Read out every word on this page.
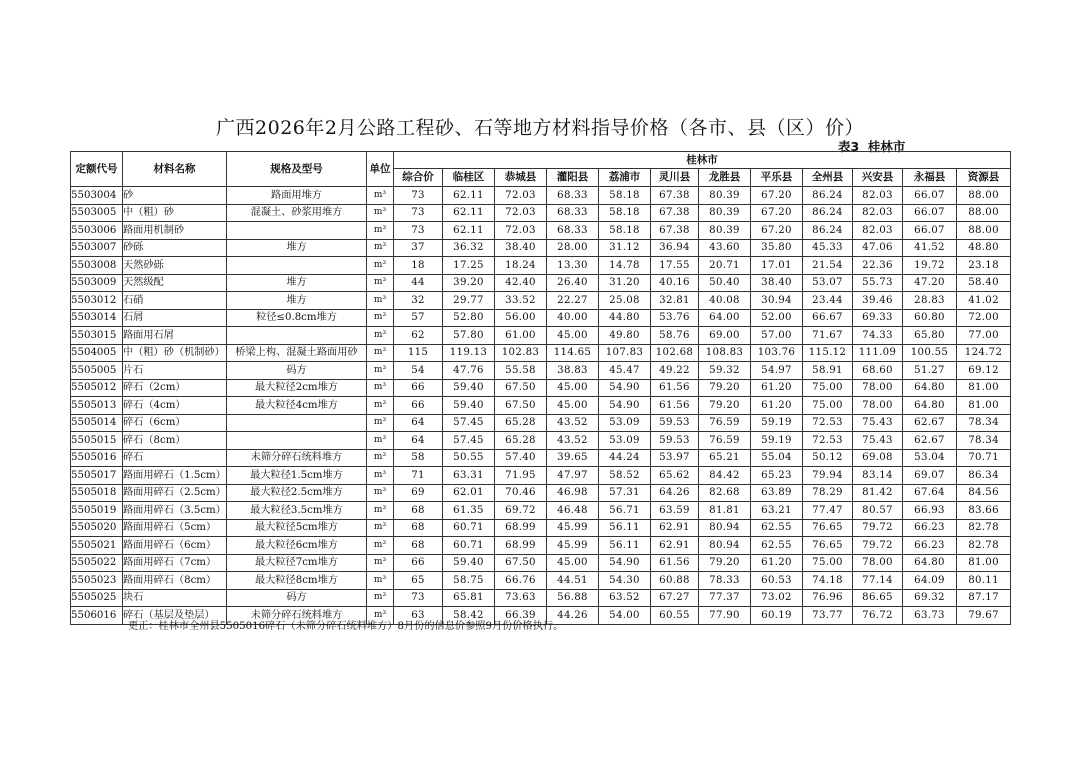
广西2026年2月公路工程砂、石等地方材料指导价格（各市、县（区）价）
表3  桂林市
定额代号	材料名称	规格及型号	单位	桂林市											
				综合价	临桂区	恭城县	灌阳县	荔浦市	灵川县	龙胜县	平乐县	全州县	兴安县	永福县	资源县
5503004	砂	路面用堆方	m³	73	62.11	72.03	68.33	58.18	67.38	80.39	67.20	86.24	82.03	66.07	88.00
5503005	中（粗）砂	混凝土、砂浆用堆方	m³	73	62.11	72.03	68.33	58.18	67.38	80.39	67.20	86.24	82.03	66.07	88.00
5503006	路面用机制砂		m³	73	62.11	72.03	68.33	58.18	67.38	80.39	67.20	86.24	82.03	66.07	88.00
5503007	砂砾	堆方	m³	37	36.32	38.40	28.00	31.12	36.94	43.60	35.80	45.33	47.06	41.52	48.80
5503008	天然砂砾		m³	18	17.25	18.24	13.30	14.78	17.55	20.71	17.01	21.54	22.36	19.72	23.18
5503009	天然级配	堆方	m³	44	39.20	42.40	26.40	31.20	40.16	50.40	38.40	53.07	55.73	47.20	58.40
5503012	石硝	堆方	m³	32	29.77	33.52	22.27	25.08	32.81	40.08	30.94	23.44	39.46	28.83	41.02
5503014	石屑	粒径≤0.8cm堆方	m³	57	52.80	56.00	40.00	44.80	53.76	64.00	52.00	66.67	69.33	60.80	72.00
5503015	路面用石屑		m³	62	57.80	61.00	45.00	49.80	58.76	69.00	57.00	71.67	74.33	65.80	77.00
5504005	中（粗）砂（机制砂）	桥梁上构、混凝土路面用砂	m³	115	119.13	102.83	114.65	107.83	102.68	108.83	103.76	115.12	111.09	100.55	124.72
5505005	片石	码方	m³	54	47.76	55.58	38.83	45.47	49.22	59.32	54.97	58.91	68.60	51.27	69.12
5505012	碎石（2cm）	最大粒径2cm堆方	m³	66	59.40	67.50	45.00	54.90	61.56	79.20	61.20	75.00	78.00	64.80	81.00
5505013	碎石（4cm）	最大粒径4cm堆方	m³	66	59.40	67.50	45.00	54.90	61.56	79.20	61.20	75.00	78.00	64.80	81.00
5505014	碎石（6cm）		m³	64	57.45	65.28	43.52	53.09	59.53	76.59	59.19	72.53	75.43	62.67	78.34
5505015	碎石（8cm）		m³	64	57.45	65.28	43.52	53.09	59.53	76.59	59.19	72.53	75.43	62.67	78.34
5505016	碎石	未筛分碎石统料堆方	m³	58	50.55	57.40	39.65	44.24	53.97	65.21	55.04	50.12	69.08	53.04	70.71
5505017	路面用碎石（1.5cm）	最大粒径1.5cm堆方	m³	71	63.31	71.95	47.97	58.52	65.62	84.42	65.23	79.94	83.14	69.07	86.34
5505018	路面用碎石（2.5cm）	最大粒径2.5cm堆方	m³	69	62.01	70.46	46.98	57.31	64.26	82.68	63.89	78.29	81.42	67.64	84.56
5505019	路面用碎石（3.5cm）	最大粒径3.5cm堆方	m³	68	61.35	69.72	46.48	56.71	63.59	81.81	63.21	77.47	80.57	66.93	83.66
5505020	路面用碎石（5cm）	最大粒径5cm堆方	m³	68	60.71	68.99	45.99	56.11	62.91	80.94	62.55	76.65	79.72	66.23	82.78
5505021	路面用碎石（6cm）	最大粒径6cm堆方	m³	68	60.71	68.99	45.99	56.11	62.91	80.94	62.55	76.65	79.72	66.23	82.78
5505022	路面用碎石（7cm）	最大粒径7cm堆方	m³	66	59.40	67.50	45.00	54.90	61.56	79.20	61.20	75.00	78.00	64.80	81.00
5505023	路面用碎石（8cm）	最大粒径8cm堆方	m³	65	58.75	66.76	44.51	54.30	60.88	78.33	60.53	74.18	77.14	64.09	80.11
5505025	块石	码方	m³	73	65.81	73.63	56.88	63.52	67.27	77.37	73.02	76.96	86.65	69.32	87.17
5506016	碎石（基层及垫层）	未筛分碎石统料堆方	m³	63	58.42	66.39	44.26	54.00	60.55	77.90	60.19	73.77	76.72	63.73	79.67
更正：桂林市全州县5505016碎石（未筛分碎石统料堆方）8月份的信息价参照9月份价格执行。
